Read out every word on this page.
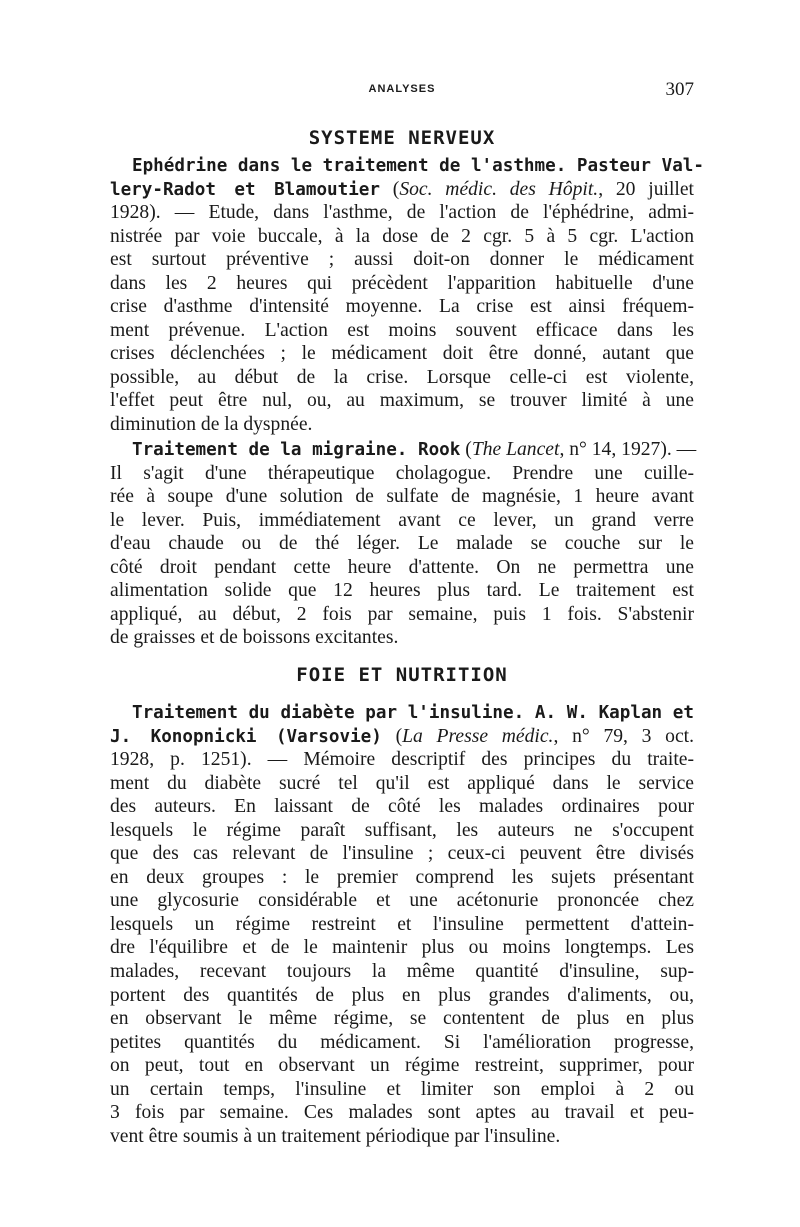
ANALYSES	307
SYSTEME NERVEUX
Ephédrine dans le traitement de l'asthme. Pasteur Val-
lery-Radot et Blamoutier (Soc. médic. des Hôpit., 20 juillet
1928). — Etude, dans l'asthme, de l'action de l'éphédrine, admi-
nistrée par voie buccale, à la dose de 2 cgr. 5 à 5 cgr. L'action
est surtout préventive ; aussi doit-on donner le médicament
dans les 2 heures qui précèdent l'apparition habituelle d'une
crise d'asthme d'intensité moyenne. La crise est ainsi fréquem-
ment prévenue. L'action est moins souvent efficace dans les
crises déclenchées ; le médicament doit être donné, autant que
possible, au début de la crise. Lorsque celle-ci est violente,
l'effet peut être nul, ou, au maximum, se trouver limité à une
diminution de la dyspnée.
Traitement de la migraine. Rook (The Lancet, n° 14, 1927). —
Il s'agit d'une thérapeutique cholagogue. Prendre une cuille-
rée à soupe d'une solution de sulfate de magnésie, 1 heure avant
le lever. Puis, immédiatement avant ce lever, un grand verre
d'eau chaude ou de thé léger. Le malade se couche sur le
côté droit pendant cette heure d'attente. On ne permettra une
alimentation solide que 12 heures plus tard. Le traitement est
appliqué, au début, 2 fois par semaine, puis 1 fois. S'abstenir
de graisses et de boissons excitantes.
FOIE ET NUTRITION
Traitement du diabète par l'insuline. A. W. Kaplan et
J. Konopnicki (Varsovie) (La Presse médic., n° 79, 3 oct.
1928, p. 1251). — Mémoire descriptif des principes du traite-
ment du diabète sucré tel qu'il est appliqué dans le service
des auteurs. En laissant de côté les malades ordinaires pour
lesquels le régime paraît suffisant, les auteurs ne s'occupent
que des cas relevant de l'insuline ; ceux-ci peuvent être divisés
en deux groupes : le premier comprend les sujets présentant
une glycosurie considérable et une acétonurie prononcée chez
lesquels un régime restreint et l'insuline permettent d'attein-
dre l'équilibre et de le maintenir plus ou moins longtemps. Les
malades, recevant toujours la même quantité d'insuline, sup-
portent des quantités de plus en plus grandes d'aliments, ou,
en observant le même régime, se contentent de plus en plus
petites quantités du médicament. Si l'amélioration progresse,
on peut, tout en observant un régime restreint, supprimer, pour
un certain temps, l'insuline et limiter son emploi à 2 ou
3 fois par semaine. Ces malades sont aptes au travail et peu-
vent être soumis à un traitement périodique par l'insuline.
